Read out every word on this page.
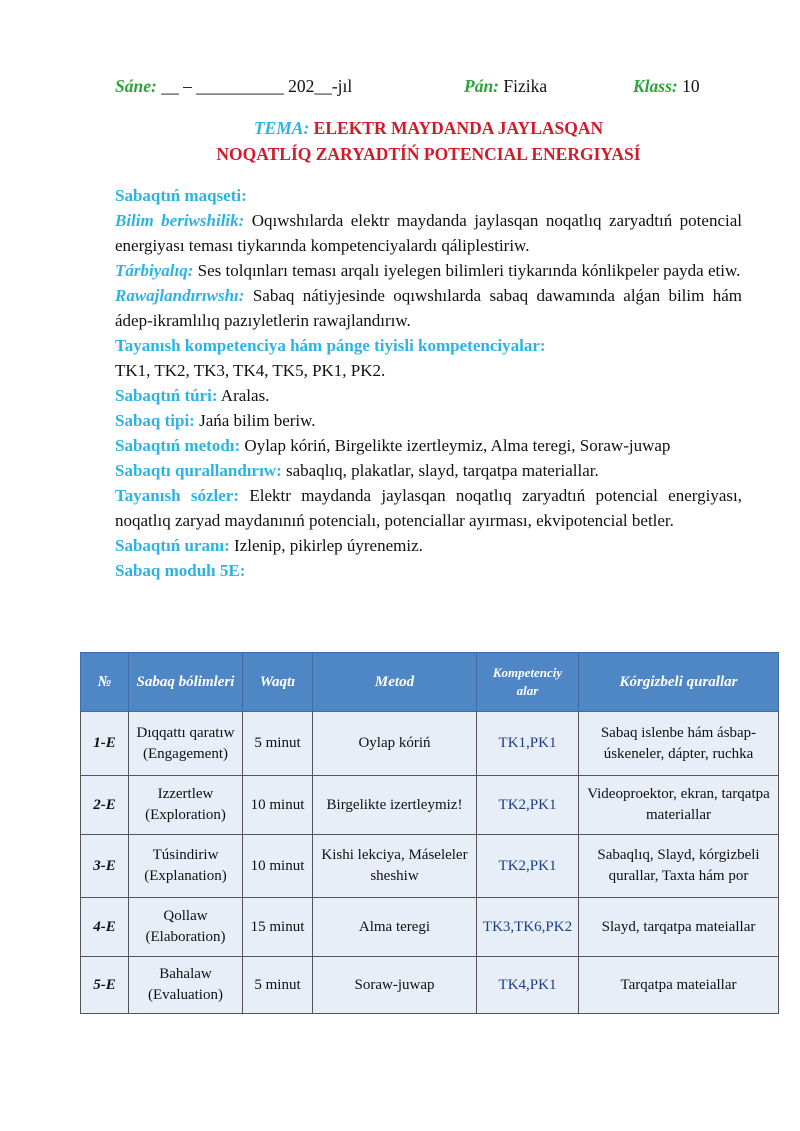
Sáne: __ – __________ 202__-jıl	Pán: Fizika	Klass: 10
TEMA: ELEKTR MAYDANDA JAYLASQAN
NOQATLÍQ ZARYADTÍŃ POTENCIAL ENERGIYASÍ

Sabaqtıń maqseti:

Bilim beriwshilik: Oqıwshılarda elektr maydanda jaylasqan noqatlıq zaryadtıń potencial energiyası teması tiykarında kompetenciyalardı qáliplestiriw.

Tárbiyalıq: Ses tolqınları teması arqalı iyelegen bilimleri tiykarında kónlikpeler payda etiw.

Rawajlandırıwshı: Sabaq nátiyjesinde oqıwshılarda sabaq dawamında alǵan bilim hám ádep-ikramlılıq pazıyletlerin rawajlandırıw.

Tayanısh kompetenciya hám pánge tiyisli kompetenciyalar:

TK1, TK2, TK3, TK4, TK5, PK1, PK2.

Sabaqtıń túri: Aralas.

Sabaq tipi: Jańa bilim beriw.

Sabaqtıń metodı: Oylap kóriń, Birgelikte izertleymiz, Alma teregi, Soraw-juwap

Sabaqtı qurallandırıw: sabaqlıq, plakatlar, slayd, tarqatpa materiallar.

Tayanısh sózler: Elektr maydanda jaylasqan noqatlıq zaryadtıń potencial energiyası, noqatlıq zaryad maydanınıń potencialı, potenciallar ayırması, ekvipotencial betler.

Sabaqtıń uranı: Izlenip, pikirlep úyrenemiz.

Sabaq modulı 5E:

№	Sabaq bólimleri	Waqtı	Metod	Kompetenciy alar	Kórgizbeli qurallar
1-E	Dıqqattı qaratıw (Engagement)	5 minut	Oylap kóriń	TK1,PK1	Sabaq islenbe hám ásbap-úskeneler, dápter, ruchka
2-E	Izzertlew (Exploration)	10 minut	Birgelikte izertleymiz!	TK2,PK1	Videoproektor, ekran, tarqatpa materiallar
3-E	Túsindiriw (Explanation)	10 minut	Kishi lekciya, Máseleler sheshiw	TK2,PK1	Sabaqlıq, Slayd, kórgizbeli qurallar, Taxta hám por
4-E	Qollaw (Elaboration)	15 minut	Alma teregi	TK3,TK6,PK2	Slayd, tarqatpa mateiallar
5-E	Bahalaw (Evaluation)	5 minut	Soraw-juwap	TK4,PK1	Tarqatpa mateiallar
